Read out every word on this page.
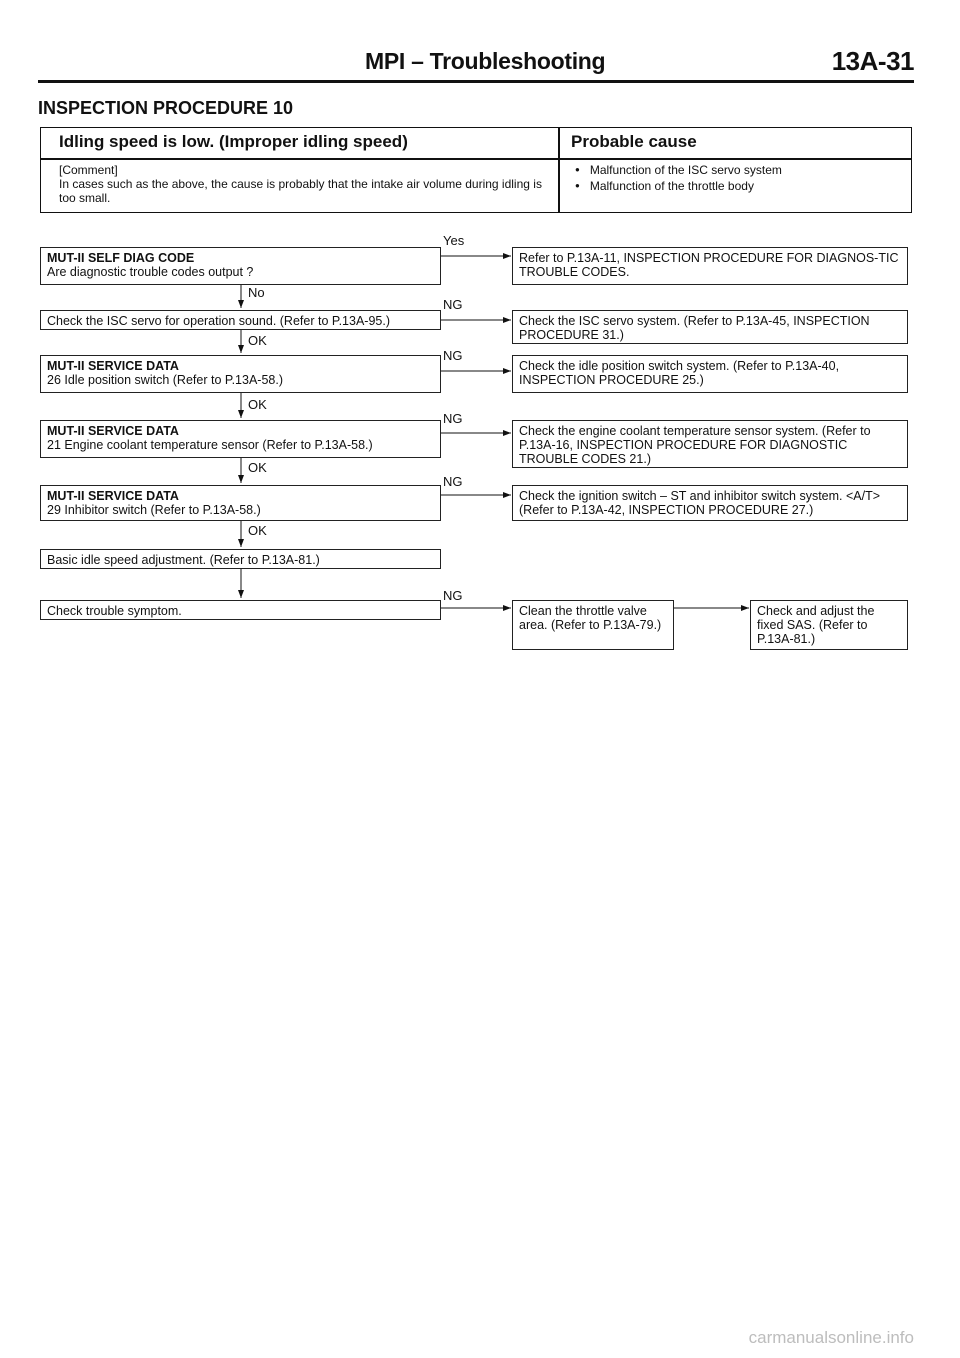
MPI – Troubleshooting	13A-31
INSPECTION PROCEDURE 10
Idling speed is low. (Improper idling speed)	Probable cause
[Comment]
In cases such as the above, the cause is probably that the intake air volume during idling is too small.
● Malfunction of the ISC servo system
● Malfunction of the throttle body
MUT-II SELF DIAG CODE
Are diagnostic trouble codes output ?
Check the ISC servo for operation sound. (Refer to P.13A-95.)
MUT-II SERVICE DATA
26 Idle position switch (Refer to P.13A-58.)
MUT-II SERVICE DATA
21 Engine coolant temperature sensor (Refer to P.13A-58.)
MUT-II SERVICE DATA
29 Inhibitor switch (Refer to P.13A-58.)
Basic idle speed adjustment. (Refer to P.13A-81.)
Check trouble symptom.
Refer to P.13A-11, INSPECTION PROCEDURE FOR DIAGNOS-TIC TROUBLE CODES.
Check the ISC servo system. (Refer to P.13A-45, INSPECTION PROCEDURE 31.)
Check the idle position switch system. (Refer to P.13A-40, INSPECTION PROCEDURE 25.)
Check the engine coolant temperature sensor system. (Refer to P.13A-16, INSPECTION PROCEDURE FOR DIAGNOSTIC TROUBLE CODES 21.)
Check the ignition switch – ST and inhibitor switch system. <A/T> (Refer to P.13A-42, INSPECTION PROCEDURE 27.)
Clean the throttle valve area. (Refer to P.13A-79.)
Check and adjust the fixed SAS. (Refer to P.13A-81.)
Yes
NG
NG
NG
NG
NG
No
OK
OK
OK
OK
carmanualsonline.info
